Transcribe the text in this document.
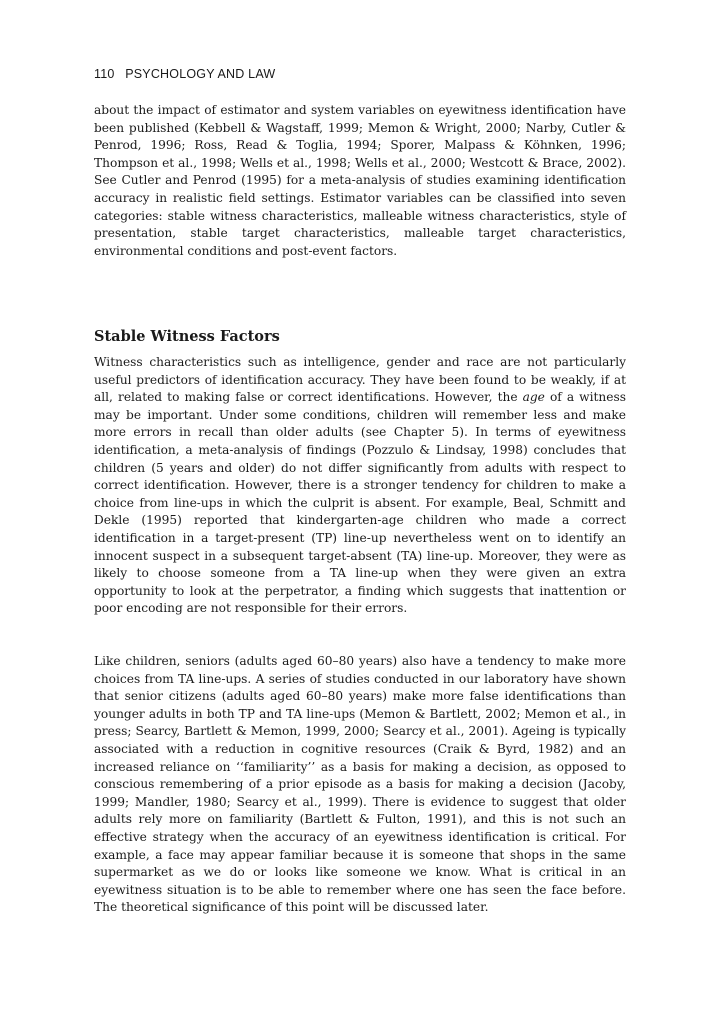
110 PSYCHOLOGY AND LAW

about the impact of estimator and system variables on eyewitness identification have been published (Kebbell & Wagstaff, 1999; Memon & Wright, 2000; Narby, Cutler & Penrod, 1996; Ross, Read & Toglia, 1994; Sporer, Malpass & Köhnken, 1996; Thompson et al., 1998; Wells et al., 1998; Wells et al., 2000; Westcott & Brace, 2002). See Cutler and Penrod (1995) for a meta-analysis of studies examining identification accuracy in realistic field settings. Estimator variables can be classified into seven categories: stable witness characteristics, malleable witness characteristics, style of presentation, stable target characteristics, malleable target characteristics, environmental conditions and post-event factors.

Stable Witness Factors

Witness characteristics such as intelligence, gender and race are not particularly useful predictors of identification accuracy. They have been found to be weakly, if at all, related to making false or correct identifications. However, the age of a witness may be important. Under some conditions, children will remember less and make more errors in recall than older adults (see Chapter 5). In terms of eyewitness identification, a meta-analysis of findings (Pozzulo & Lindsay, 1998) concludes that children (5 years and older) do not differ significantly from adults with respect to correct identification. However, there is a stronger tendency for children to make a choice from line-ups in which the culprit is absent. For example, Beal, Schmitt and Dekle (1995) reported that kindergarten-age children who made a correct identification in a target-present (TP) line-up nevertheless went on to identify an innocent suspect in a subsequent target-absent (TA) line-up. Moreover, they were as likely to choose someone from a TA line-up when they were given an extra opportunity to look at the perpetrator, a finding which suggests that inattention or poor encoding are not responsible for their errors.

Like children, seniors (adults aged 60–80 years) also have a tendency to make more choices from TA line-ups. A series of studies conducted in our laboratory have shown that senior citizens (adults aged 60–80 years) make more false identifications than younger adults in both TP and TA line-ups (Memon & Bartlett, 2002; Memon et al., in press; Searcy, Bartlett & Memon, 1999, 2000; Searcy et al., 2001). Ageing is typically associated with a reduction in cognitive resources (Craik & Byrd, 1982) and an increased reliance on ‘‘familiarity’’ as a basis for making a decision, as opposed to conscious remembering of a prior episode as a basis for making a decision (Jacoby, 1999; Mandler, 1980; Searcy et al., 1999). There is evidence to suggest that older adults rely more on familiarity (Bartlett & Fulton, 1991), and this is not such an effective strategy when the accuracy of an eyewitness identification is critical. For example, a face may appear familiar because it is someone that shops in the same supermarket as we do or looks like someone we know. What is critical in an eyewitness situation is to be able to remember where one has seen the face before. The theoretical significance of this point will be discussed later.
